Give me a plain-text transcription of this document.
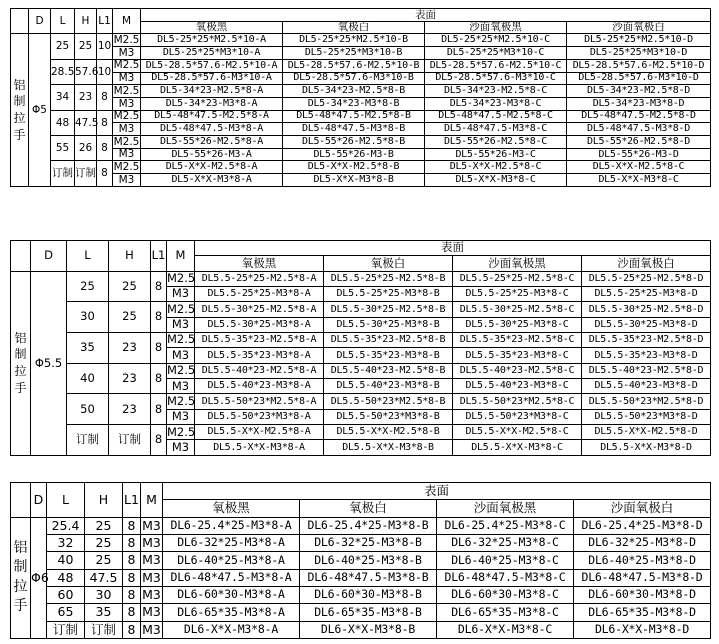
	D	L	H	L1	M	表面			
						氧极黑	氧极白	沙面氧极黑	沙面氧极白

铝制拉手	Φ5	25	25	10	M2.5	DL5-25*25*M2.5*10-A	DL5-25*25*M2.5*10-B	DL5-25*25*M2.5*10-C	DL5-25*25*M2.5*10-D
					M3	DL5-25*25*M3*10-A	DL5-25*25*M3*10-B	DL5-25*25*M3*10-C	DL5-25*25*M3*10-D
		28.5	57.6	10	M2.5	DL5-28.5*57.6-M2.5*10-A	DL5-28.5*57.6-M2.5*10-B	DL5-28.5*57.6-M2.5*10-C	DL5-28.5*57.6-M2.5*10-D
					M3	DL5-28.5*57.6-M3*10-A	DL5-28.5*57.6-M3*10-B	DL5-28.5*57.6-M3*10-C	DL5-28.5*57.6-M3*10-D
		34	23	8	M2.5	DL5-34*23-M2.5*8-A	DL5-34*23-M2.5*8-B	DL5-34*23-M2.5*8-C	DL5-34*23-M2.5*8-D
					M3	DL5-34*23-M3*8-A	DL5-34*23-M3*8-B	DL5-34*23-M3*8-C	DL5-34*23-M3*8-D
		48	47.5	8	M2.5	DL5-48*47.5-M2.5*8-A	DL5-48*47.5-M2.5*8-B	DL5-48*47.5-M2.5*8-C	DL5-48*47.5-M2.5*8-D
					M3	DL5-48*47.5-M3*8-A	DL5-48*47.5-M3*8-B	DL5-48*47.5-M3*8-C	DL5-48*47.5-M3*8-D
		55	26	8	M2.5	DL5-55*26-M2.5*8-A	DL5-55*26-M2.5*8-B	DL5-55*26-M2.5*8-C	DL5-55*26-M2.5*8-D
					M3	DL5-55*26-M3-A	DL5-55*26-M3-B	DL5-55*26-M3-C	DL5-55*26-M3-D
		订制	订制	8	M2.5	DL5-X*X-M2.5*8-A	DL5-X*X-M2.5*8-B	DL5-X*X-M2.5*8-C	DL5-X*X-M2.5*8-C
					M3	DL5-X*X-M3*8-A	DL5-X*X-M3*8-B	DL5-X*X-M3*8-C	DL5-X*X-M3*8-C
	D	L	H	L1	M	表面			
						氧极黑	氧极白	沙面氧极黑	沙面氧极白

铝制拉手	Φ5.5	25	25	8	M2.5	DL5.5-25*25-M2.5*8-A	DL5.5-25*25-M2.5*8-B	DL5.5-25*25-M2.5*8-C	DL5.5-25*25-M2.5*8-D
					M3	DL5.5-25*25-M3*8-A	DL5.5-25*25-M3*8-B	DL5.5-25*25-M3*8-C	DL5.5-25*25-M3*8-D
		30	25	8	M2.5	DL5.5-30*25-M2.5*8-A	DL5.5-30*25-M2.5*8-B	DL5.5-30*25-M2.5*8-C	DL5.5-30*25-M2.5*8-D
					M3	DL5.5-30*25-M3*8-A	DL5.5-30*25-M3*8-B	DL5.5-30*25-M3*8-C	DL5.5-30*25-M3*8-D
		35	23	8	M2.5	DL5.5-35*23-M2.5*8-A	DL5.5-35*23-M2.5*8-B	DL5.5-35*23-M2.5*8-C	DL5.5-35*23-M2.5*8-D
					M3	DL5.5-35*23-M3*8-A	DL5.5-35*23-M3*8-B	DL5.5-35*23-M3*8-C	DL5.5-35*23-M3*8-D
		40	23	8	M2.5	DL5.5-40*23-M2.5*8-A	DL5.5-40*23-M2.5*8-B	DL5.5-40*23-M2.5*8-C	DL5.5-40*23-M2.5*8-D
					M3	DL5.5-40*23-M3*8-A	DL5.5-40*23-M3*8-B	DL5.5-40*23-M3*8-C	DL5.5-40*23-M3*8-D
		50	23	8	M2.5	DL5.5-50*23*M2.5*8-A	DL5.5-50*23*M2.5*8-B	DL5.5-50*23*M2.5*8-C	DL5.5-50*23*M2.5*8-D
					M3	DL5.5-50*23*M3*8-A	DL5.5-50*23*M3*8-B	DL5.5-50*23*M3*8-C	DL5.5-50*23*M3*8-D
		订制	订制	8	M2.5	DL5.5-X*X-M2.5*8-A	DL5.5-X*X-M2.5*8-B	DL5.5-X*X-M2.5*8-C	DL5.5-X*X-M2.5*8-D
					M3	DL5.5-X*X-M3*8-A	DL5.5-X*X-M3*8-B	DL5.5-X*X-M3*8-C	DL5.5-X*X-M3*8-D
	D	L	H	L1	M	表面			
						氧极黑	氧极白	沙面氧极黑	沙面氧极白

铝制拉手	Φ6	25.4	25	8	M3	DL6-25.4*25-M3*8-A	DL6-25.4*25-M3*8-B	DL6-25.4*25-M3*8-C	DL6-25.4*25-M3*8-D
		32	25	8	M3	DL6-32*25-M3*8-A	DL6-32*25-M3*8-B	DL6-32*25-M3*8-C	DL6-32*25-M3*8-D
		40	25	8	M3	DL6-40*25-M3*8-A	DL6-40*25-M3*8-B	DL6-40*25-M3*8-C	DL6-40*25-M3*8-D
		48	47.5	8	M3	DL6-48*47.5-M3*8-A	DL6-48*47.5-M3*8-B	DL6-48*47.5-M3*8-C	DL6-48*47.5-M3*8-D
		60	30	8	M3	DL6-60*30-M3*8-A	DL6-60*30-M3*8-B	DL6-60*30-M3*8-C	DL6-60*30-M3*8-D
		65	35	8	M3	DL6-65*35-M3*8-A	DL6-65*35-M3*8-B	DL6-65*35-M3*8-C	DL6-65*35-M3*8-D
		订制	订制	8	M3	DL6-X*X-M3*8-A	DL6-X*X-M3*8-B	DL6-X*X-M3*8-C	DL6-X*X-M3*8-D
